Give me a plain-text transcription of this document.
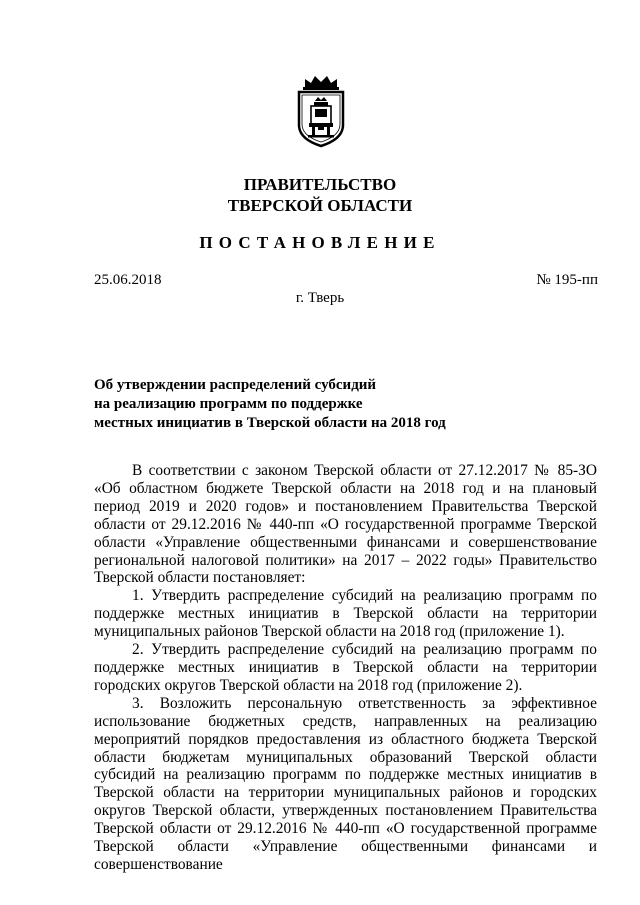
ПРАВИТЕЛЬСТВО
ТВЕРСКОЙ ОБЛАСТИ
ПОСТАНОВЛЕНИЕ
25.06.2018	№ 195-пп
г. Тверь
Об утверждении распределений субсидий
на реализацию программ по поддержке
местных инициатив в Тверской области на 2018 год

В соответствии с законом Тверской области от 27.12.2017 № 85-ЗО «Об областном бюджете Тверской области на 2018 год и на плановый период 2019 и 2020 годов» и постановлением Правительства Тверской области от 29.12.2016 № 440-пп «О государственной программе Тверской области «Управление общественными финансами и совершенствование региональной налоговой политики» на 2017 – 2022 годы» Правительство Тверской области постановляет:

1. Утвердить распределение субсидий на реализацию программ по поддержке местных инициатив в Тверской области на территории муниципальных районов Тверской области на 2018 год (приложение 1).

2. Утвердить распределение субсидий на реализацию программ по поддержке местных инициатив в Тверской области на территории городских округов Тверской области на 2018 год (приложение 2).

3. Возложить персональную ответственность за эффективное использование бюджетных средств, направленных на реализацию мероприятий порядков предоставления из областного бюджета Тверской области бюджетам муниципальных образований Тверской области субсидий на реализацию программ по поддержке местных инициатив в Тверской области на территории муниципальных районов и городских округов Тверской области, утвержденных постановлением Правительства Тверской области от 29.12.2016 № 440-пп «О государственной программе Тверской области «Управление общественными финансами и совершенствование
